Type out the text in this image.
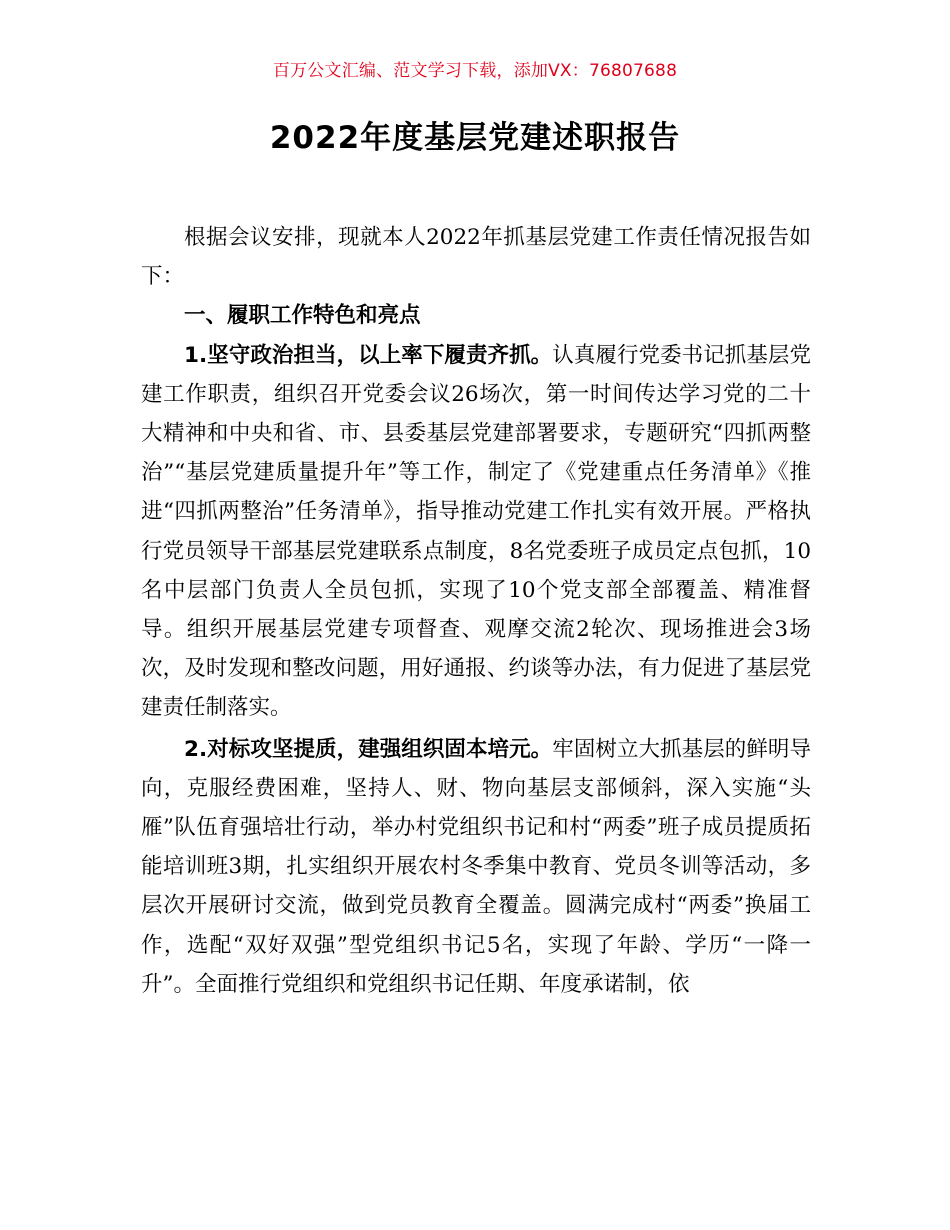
百万公文汇编、范文学习下载，添加VX：76807688
2022年度基层党建述职报告

根据会议安排，现就本人2022年抓基层党建工作责任情况报告如下：

一、履职工作特色和亮点

1.坚守政治担当，以上率下履责齐抓。认真履行党委书记抓基层党建工作职责，组织召开党委会议26场次，第一时间传达学习党的二十大精神和中央和省、市、县委基层党建部署要求，专题研究“四抓两整治”“基层党建质量提升年”等工作，制定了《党建重点任务清单》《推进“四抓两整治”任务清单》，指导推动党建工作扎实有效开展。严格执行党员领导干部基层党建联系点制度，8名党委班子成员定点包抓，10名中层部门负责人全员包抓，实现了10个党支部全部覆盖、精准督导。组织开展基层党建专项督查、观摩交流2轮次、现场推进会3场次，及时发现和整改问题，用好通报、约谈等办法，有力促进了基层党建责任制落实。

2.对标攻坚提质，建强组织固本培元。牢固树立大抓基层的鲜明导向，克服经费困难，坚持人、财、物向基层支部倾斜，深入实施“头雁”队伍育强培壮行动，举办村党组织书记和村“两委”班子成员提质拓能培训班3期，扎实组织开展农村冬季集中教育、党员冬训等活动，多层次开展研讨交流，做到党员教育全覆盖。圆满完成村“两委”换届工作，选配“双好双强”型党组织书记5名，实现了年龄、学历“一降一升”。全面推行党组织和党组织书记任期、年度承诺制，依
